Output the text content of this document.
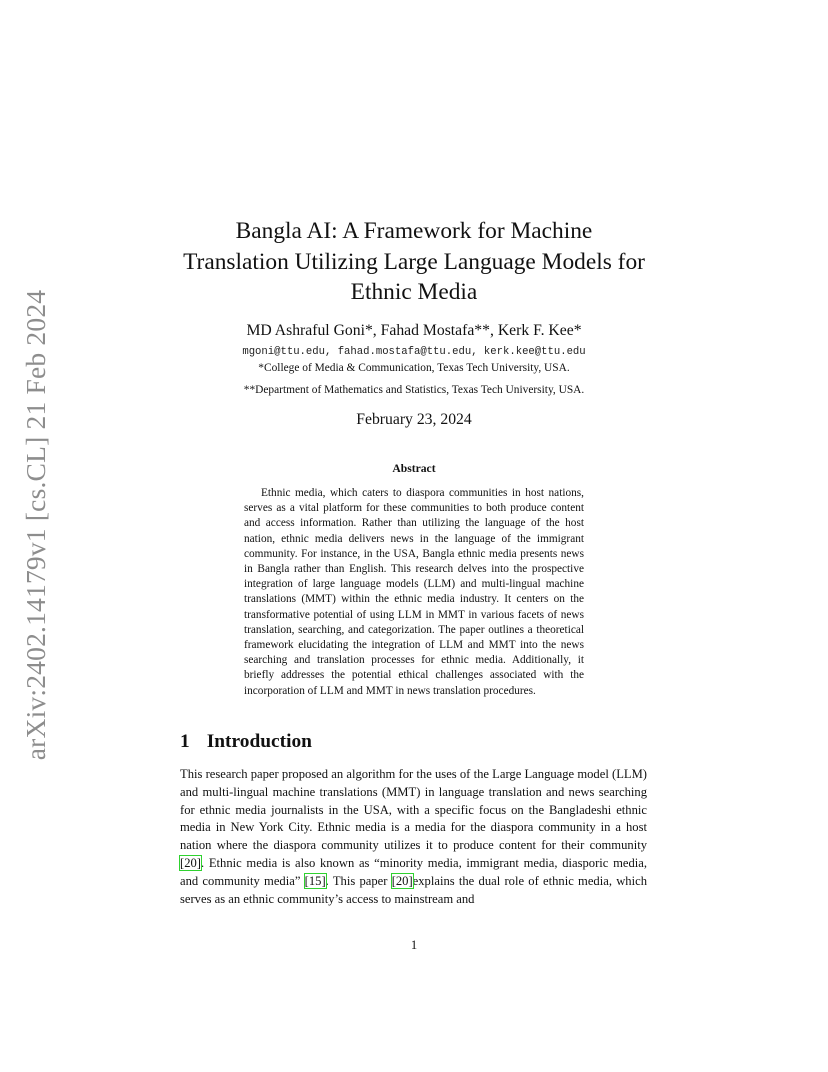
arXiv:2402.14179v1 [cs.CL] 21 Feb 2024
Bangla AI: A Framework for Machine
Translation Utilizing Large Language Models for
Ethnic Media
MD Ashraful Goni*, Fahad Mostafa**, Kerk F. Kee*
mgoni@ttu.edu, fahad.mostafa@ttu.edu, kerk.kee@ttu.edu
*College of Media & Communication, Texas Tech University, USA.
**Department of Mathematics and Statistics, Texas Tech University, USA.
February 23, 2024
Abstract

Ethnic media, which caters to diaspora communities in host nations, serves as a vital platform for these communities to both produce content and access information. Rather than utilizing the language of the host nation, ethnic media delivers news in the language of the immigrant community. For instance, in the USA, Bangla ethnic media presents news in Bangla rather than English. This research delves into the prospective integration of large language models (LLM) and multi-lingual machine translations (MMT) within the ethnic media industry. It centers on the transformative potential of using LLM in MMT in various facets of news translation, searching, and categorization. The paper outlines a theoretical framework elucidating the integration of LLM and MMT into the news searching and translation processes for ethnic media. Additionally, it briefly addresses the potential ethical challenges associated with the incorporation of LLM and MMT in news translation procedures.

1 Introduction

This research paper proposed an algorithm for the uses of the Large Language model (LLM) and multi-lingual machine translations (MMT) in language translation and news searching for ethnic media journalists in the USA, with a specific focus on the Bangladeshi ethnic media in New York City. Ethnic media is a media for the diaspora community in a host nation where the diaspora community utilizes it to produce content for their community [20]. Ethnic media is also known as “minority media, immigrant media, diasporic media, and community media” [15]. This paper [20]explains the dual role of ethnic media, which serves as an ethnic community’s access to mainstream and

1
